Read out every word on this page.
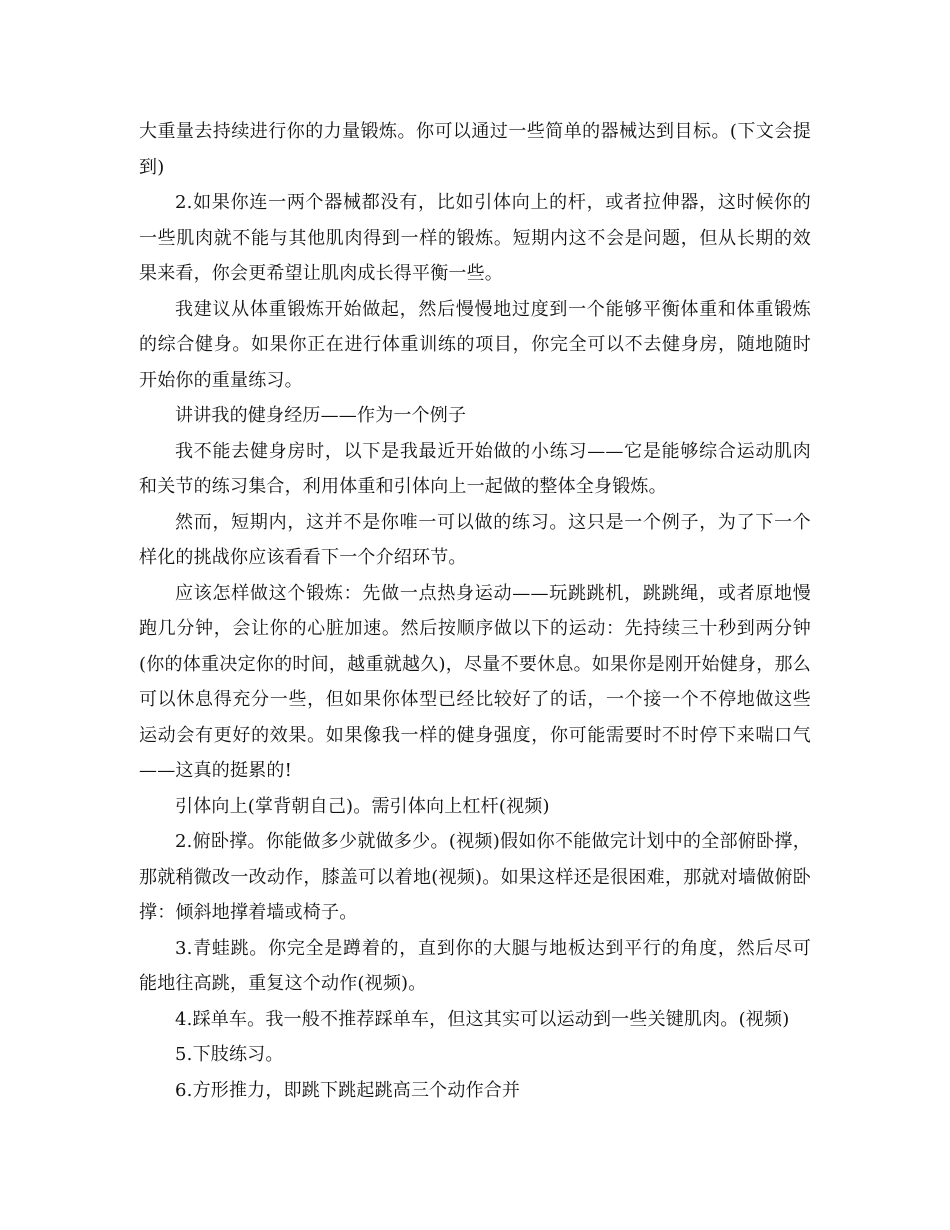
大重量去持续进行你的力量锻炼。你可以通过一些简单的器械达到目标。(下文会提到)

2.如果你连一两个器械都没有，比如引体向上的杆，或者拉伸器，这时候你的一些肌肉就不能与其他肌肉得到一样的锻炼。短期内这不会是问题，但从长期的效果来看，你会更希望让肌肉成长得平衡一些。

我建议从体重锻炼开始做起，然后慢慢地过度到一个能够平衡体重和体重锻炼的综合健身。如果你正在进行体重训练的项目，你完全可以不去健身房，随地随时开始你的重量练习。

讲讲我的健身经历——作为一个例子

我不能去健身房时，以下是我最近开始做的小练习——它是能够综合运动肌肉和关节的练习集合，利用体重和引体向上一起做的整体全身锻炼。

然而，短期内，这并不是你唯一可以做的练习。这只是一个例子，为了下一个样化的挑战你应该看看下一个介绍环节。

应该怎样做这个锻炼：先做一点热身运动——玩跳跳机，跳跳绳，或者原地慢跑几分钟，会让你的心脏加速。然后按顺序做以下的运动：先持续三十秒到两分钟(你的体重决定你的时间，越重就越久)，尽量不要休息。如果你是刚开始健身，那么可以休息得充分一些，但如果你体型已经比较好了的话，一个接一个不停地做这些运动会有更好的效果。如果像我一样的健身强度，你可能需要时不时停下来喘口气——这真的挺累的!

引体向上(掌背朝自己)。需引体向上杠杆(视频)

2.俯卧撑。你能做多少就做多少。(视频)假如你不能做完计划中的全部俯卧撑，那就稍微改一改动作，膝盖可以着地(视频)。如果这样还是很困难，那就对墙做俯卧撑：倾斜地撑着墙或椅子。

3.青蛙跳。你完全是蹲着的，直到你的大腿与地板达到平行的角度，然后尽可能地往高跳，重复这个动作(视频)。

4.踩单车。我一般不推荐踩单车，但这其实可以运动到一些关键肌肉。(视频)

5.下肢练习。

6.方形推力，即跳下跳起跳高三个动作合并
